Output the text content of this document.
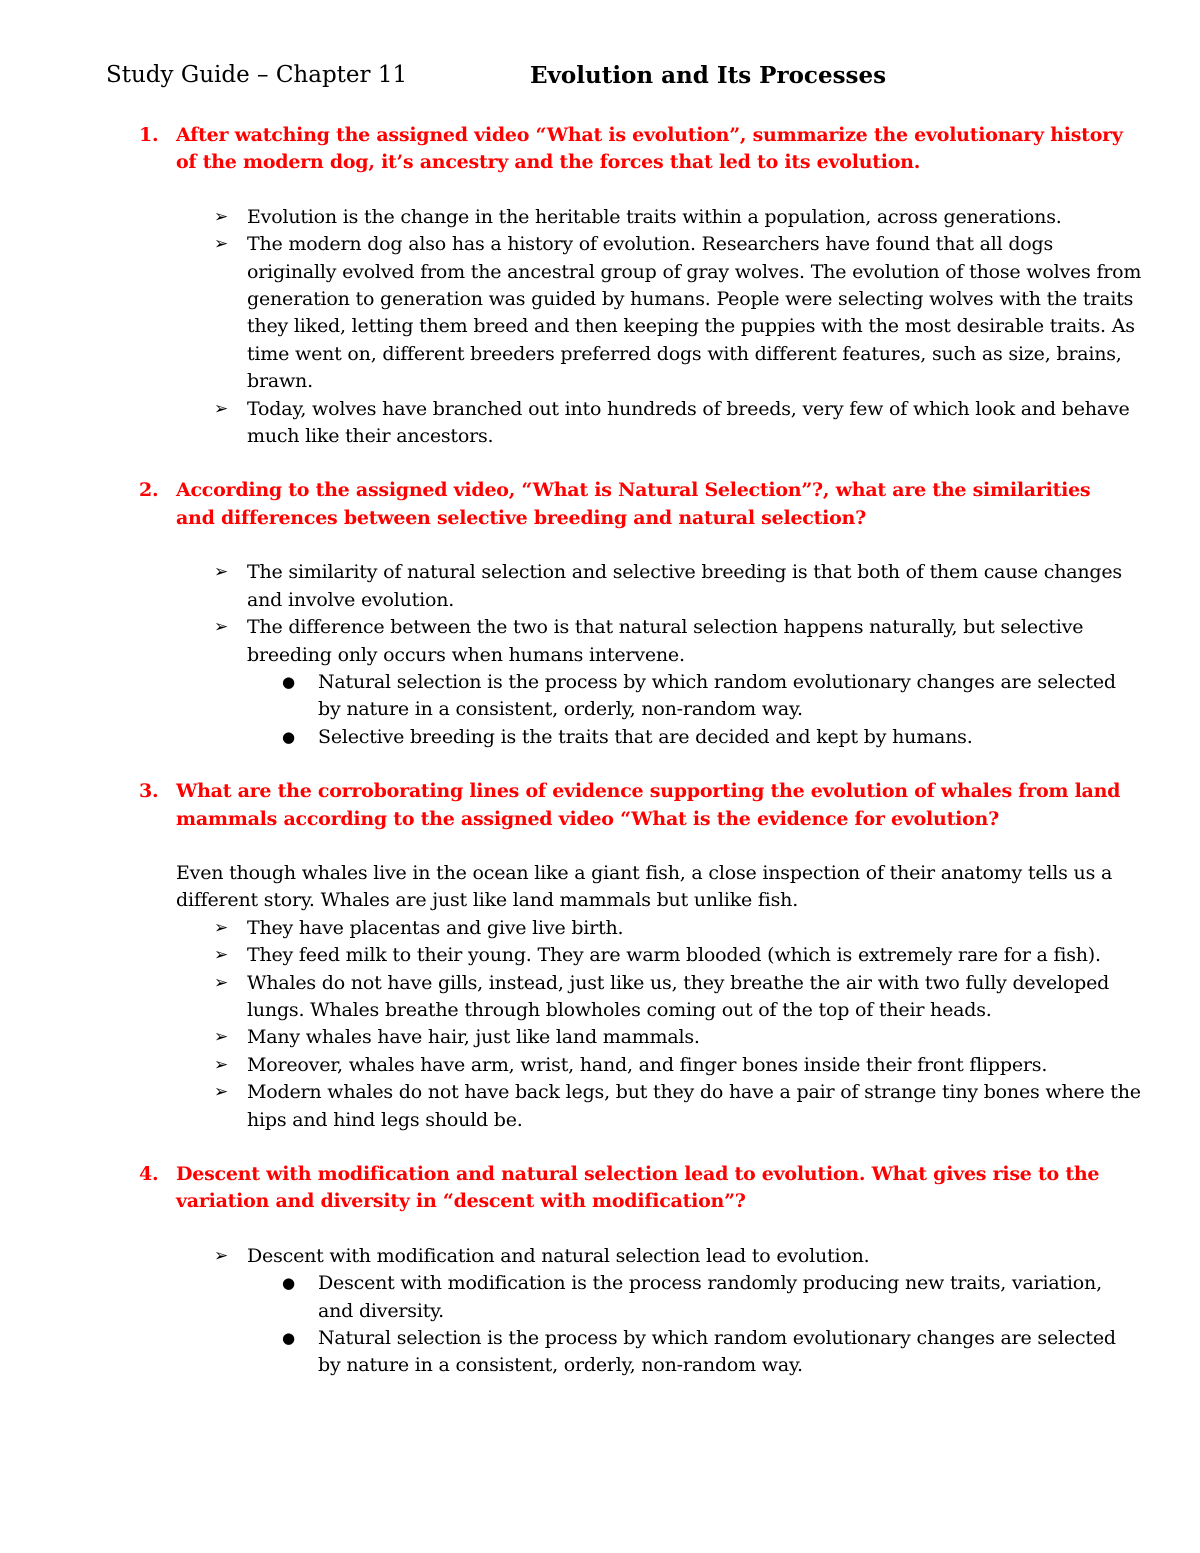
Study Guide – Chapter 11	Evolution and Its Processes
1. After watching the assigned video “What is evolution”, summarize the evolutionary history of the modern dog, it’s ancestry and the forces that led to its evolution.
➢ Evolution is the change in the heritable traits within a population, across generations.
➢ The modern dog also has a history of evolution. Researchers have found that all dogs originally evolved from the ancestral group of gray wolves. The evolution of those wolves from generation to generation was guided by humans. People were selecting wolves with the traits they liked, letting them breed and then keeping the puppies with the most desirable traits. As time went on, different breeders preferred dogs with different features, such as size, brains, brawn.
➢ Today, wolves have branched out into hundreds of breeds, very few of which look and behave much like their ancestors.
2. According to the assigned video, “What is Natural Selection”?, what are the similarities and differences between selective breeding and natural selection?
➢ The similarity of natural selection and selective breeding is that both of them cause changes and involve evolution.
➢ The difference between the two is that natural selection happens naturally, but selective breeding only occurs when humans intervene.
● Natural selection is the process by which random evolutionary changes are selected by nature in a consistent, orderly, non-random way.
● Selective breeding is the traits that are decided and kept by humans.
3. What are the corroborating lines of evidence supporting the evolution of whales from land mammals according to the assigned video “What is the evidence for evolution?
Even though whales live in the ocean like a giant fish, a close inspection of their anatomy tells us a different story. Whales are just like land mammals but unlike fish.
➢ They have placentas and give live birth.
➢ They feed milk to their young. They are warm blooded (which is extremely rare for a fish).
➢ Whales do not have gills, instead, just like us, they breathe the air with two fully developed lungs. Whales breathe through blowholes coming out of the top of their heads.
➢ Many whales have hair, just like land mammals.
➢ Moreover, whales have arm, wrist, hand, and finger bones inside their front flippers.
➢ Modern whales do not have back legs, but they do have a pair of strange tiny bones where the hips and hind legs should be.
4. Descent with modification and natural selection lead to evolution. What gives rise to the variation and diversity in “descent with modification”?
➢ Descent with modification and natural selection lead to evolution.
● Descent with modification is the process randomly producing new traits, variation, and diversity.
● Natural selection is the process by which random evolutionary changes are selected by nature in a consistent, orderly, non-random way.
